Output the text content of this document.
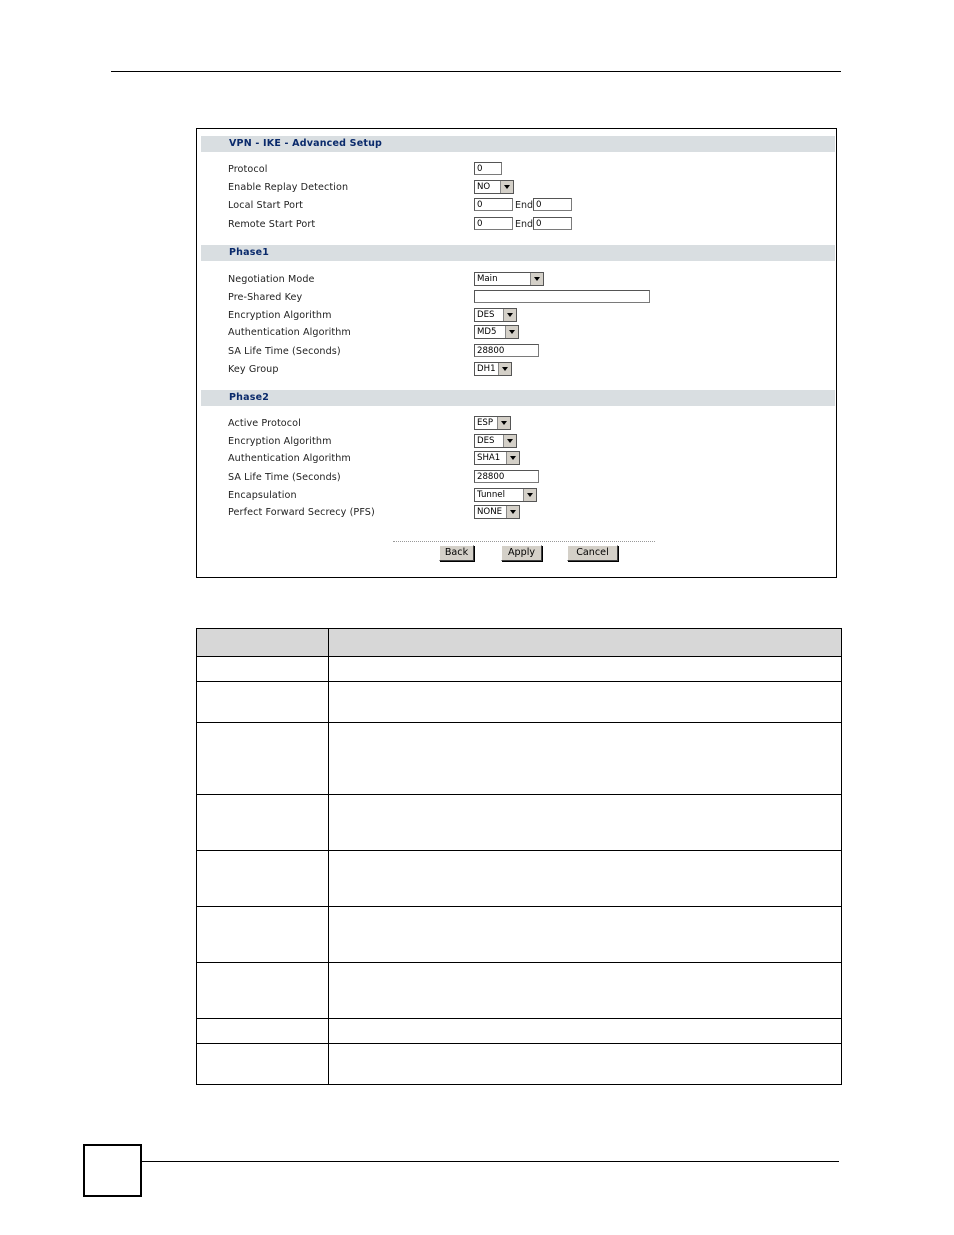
VPN - IKE - Advanced Setup
Protocol	0
Enable Replay Detection	NO
Local Start Port	0	End 0
Remote Start Port	0	End 0
Phase1
Negotiation Mode	Main
Pre-Shared Key
Encryption Algorithm	DES
Authentication Algorithm	MD5
SA Life Time (Seconds)	28800
Key Group	DH1
Phase2
Active Protocol	ESP
Encryption Algorithm	DES
Authentication Algorithm	SHA1
SA Life Time (Seconds)	28800
Encapsulation	Tunnel
Perfect Forward Secrecy (PFS)	NONE
Back	Apply	Cancel
